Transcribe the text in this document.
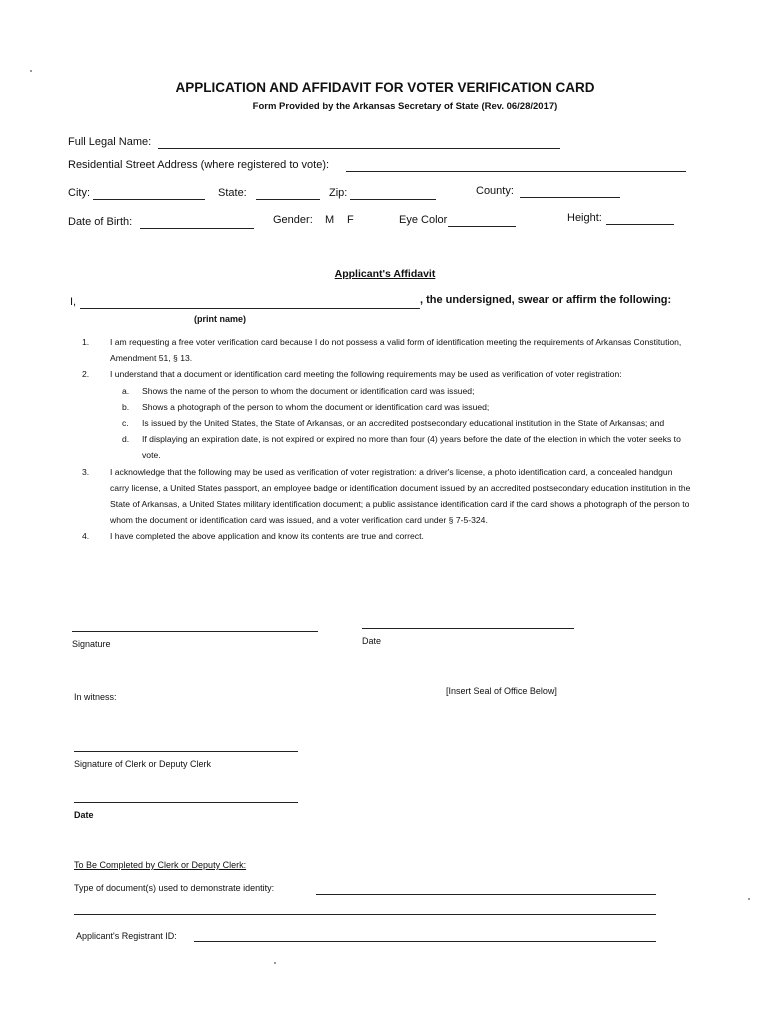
APPLICATION AND AFFIDAVIT FOR VOTER VERIFICATION CARD
Form Provided by the Arkansas Secretary of State (Rev. 06/28/2017)
Full Legal Name:
Residential Street Address (where registered to vote):
City:	State:	Zip:	County:
Date of Birth:	Gender: M F	Eye Color	Height:
Applicant's Affidavit
I,	, the undersigned, swear or affirm the following:
(print name)
1.	I am requesting a free voter verification card because I do not possess a valid form of identification meeting the requirements of Arkansas Constitution, Amendment 51, § 13.
2.	I understand that a document or identification card meeting the following requirements may be used as verification of voter registration:
a.	Shows the name of the person to whom the document or identification card was issued;
b.	Shows a photograph of the person to whom the document or identification card was issued;
c.	Is issued by the United States, the State of Arkansas, or an accredited postsecondary educational institution in the State of Arkansas; and
d.	If displaying an expiration date, is not expired or expired no more than four (4) years before the date of the election in which the voter seeks to vote.
3.	I acknowledge that the following may be used as verification of voter registration: a driver's license, a photo identification card, a concealed handgun carry license, a United States passport, an employee badge or identification document issued by an accredited postsecondary education institution in the State of Arkansas, a United States military identification document; a public assistance identification card if the card shows a photograph of the person to whom the document or identification card was issued, and a voter verification card under § 7-5-324.
4.	I have completed the above application and know its contents are true and correct.
Signature	Date
In witness:
[Insert Seal of Office Below]
Signature of Clerk or Deputy Clerk
Date
To Be Completed by Clerk or Deputy Clerk:
Type of document(s) used to demonstrate identity:
Applicant's Registrant ID:
